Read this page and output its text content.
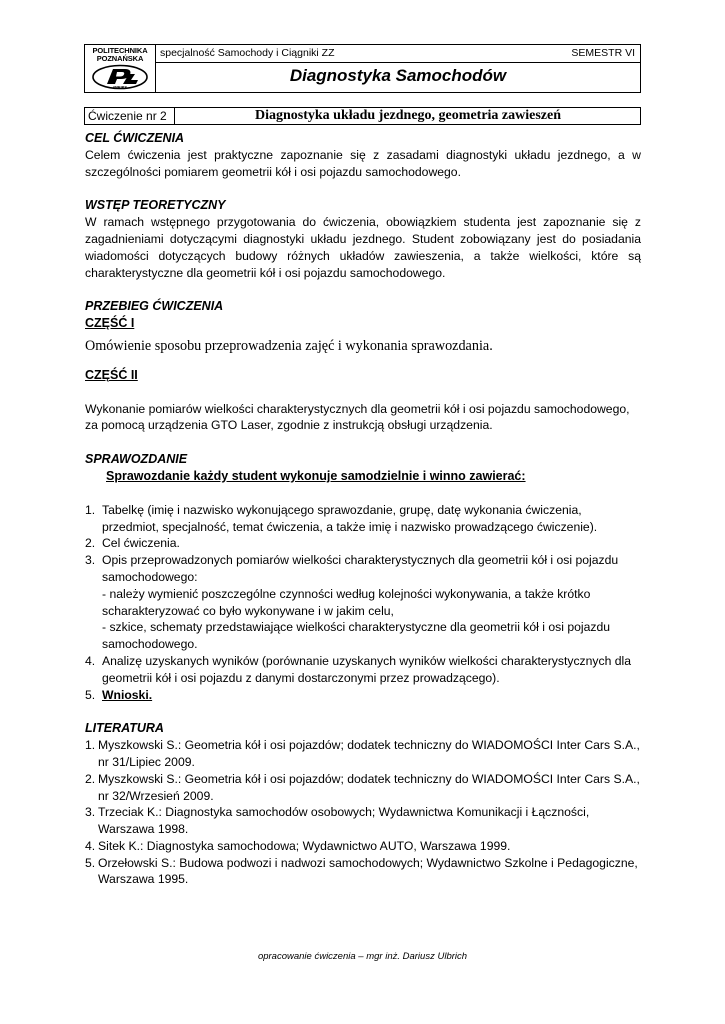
POLITECHNIKA
POZNAŃSKA
IMRiPS
specjalność Samochody i Ciągniki ZZ	SEMESTR VI
Diagnostyka Samochodów
Ćwiczenie nr 2	Diagnostyka układu jezdnego, geometria zawieszeń

CEL ĆWICZENIA

Celem ćwiczenia jest praktyczne zapoznanie się z zasadami diagnostyki układu jezdnego, a w szczególności pomiarem geometrii kół i osi pojazdu samochodowego.

WSTĘP TEORETYCZNY

W ramach wstępnego przygotowania do ćwiczenia, obowiązkiem studenta jest zapoznanie się z zagadnieniami dotyczącymi diagnostyki układu jezdnego. Student zobowiązany jest do posiadania wiadomości dotyczących budowy różnych układów zawieszenia, a także wielkości, które są charakterystyczne dla geometrii kół i osi pojazdu samochodowego.

PRZEBIEG ĆWICZENIA

CZĘŚĆ I

Omówienie sposobu przeprowadzenia zajęć i wykonania sprawozdania.

CZĘŚĆ II

Wykonanie pomiarów wielkości charakterystycznych dla geometrii kół i osi pojazdu samochodowego, za pomocą urządzenia GTO Laser, zgodnie z instrukcją obsługi urządzenia.

SPRAWOZDANIE

Sprawozdanie każdy student wykonuje samodzielnie i winno zawierać:

1. Tabelkę (imię i nazwisko wykonującego sprawozdanie, grupę, datę wykonania ćwiczenia,
przedmiot, specjalność, temat ćwiczenia, a także imię i nazwisko prowadzącego ćwiczenie).
2. Cel ćwiczenia.
3. Opis przeprowadzonych pomiarów wielkości charakterystycznych dla geometrii kół i osi pojazdu
samochodowego:
- należy wymienić poszczególne czynności według kolejności wykonywania, a także krótko
scharakteryzować co było wykonywane i w jakim celu,
- szkice, schematy przedstawiające wielkości charakterystyczne dla geometrii kół i osi pojazdu
samochodowego.
4. Analizę uzyskanych wyników (porównanie uzyskanych wyników wielkości charakterystycznych dla
geometrii kół i osi pojazdu z danymi dostarczonymi przez prowadzącego).
5. Wnioski.

LITERATURA

1. Myszkowski S.: Geometria kół i osi pojazdów; dodatek techniczny do WIADOMOŚCI Inter Cars S.A.,
nr 31/Lipiec 2009.
2. Myszkowski S.: Geometria kół i osi pojazdów; dodatek techniczny do WIADOMOŚCI Inter Cars S.A.,
nr 32/Wrzesień 2009.
3. Trzeciak K.: Diagnostyka samochodów osobowych; Wydawnictwa Komunikacji i Łączności,
Warszawa 1998.
4. Sitek K.: Diagnostyka samochodowa; Wydawnictwo AUTO, Warszawa 1999.
5. Orzełowski S.: Budowa podwozi i nadwozi samochodowych; Wydawnictwo Szkolne i Pedagogiczne,
Warszawa 1995.
opracowanie ćwiczenia – mgr inż. Dariusz Ulbrich
